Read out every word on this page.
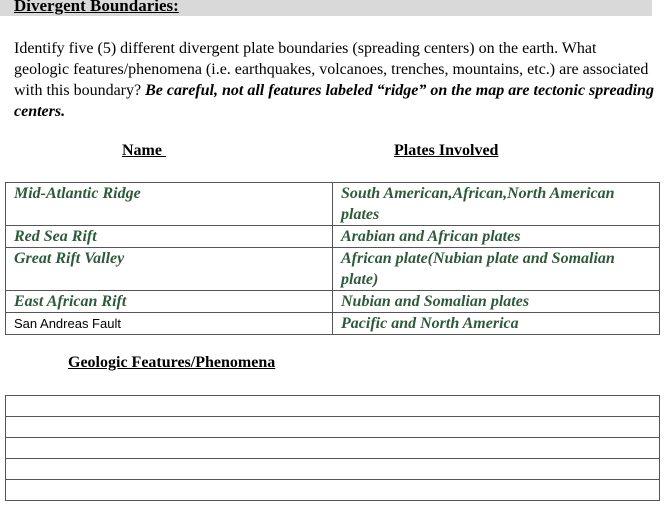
Divergent Boundaries:
Identify five (5) different divergent plate boundaries (spreading centers) on the earth. What geologic features/phenomena (i.e. earthquakes, volcanoes, trenches, mountains, etc.) are associated with this boundary? Be careful, not all features labeled “ridge” on the map are tectonic spreading centers.
Name	Plates Involved
Mid-Atlantic Ridge	South American,African,North American plates
Red Sea Rift	Arabian and African plates
Great Rift Valley	African plate(Nubian plate and Somalian plate)
East African Rift	Nubian and Somalian plates
San Andreas Fault	Pacific and North America
Geologic Features/Phenomena
